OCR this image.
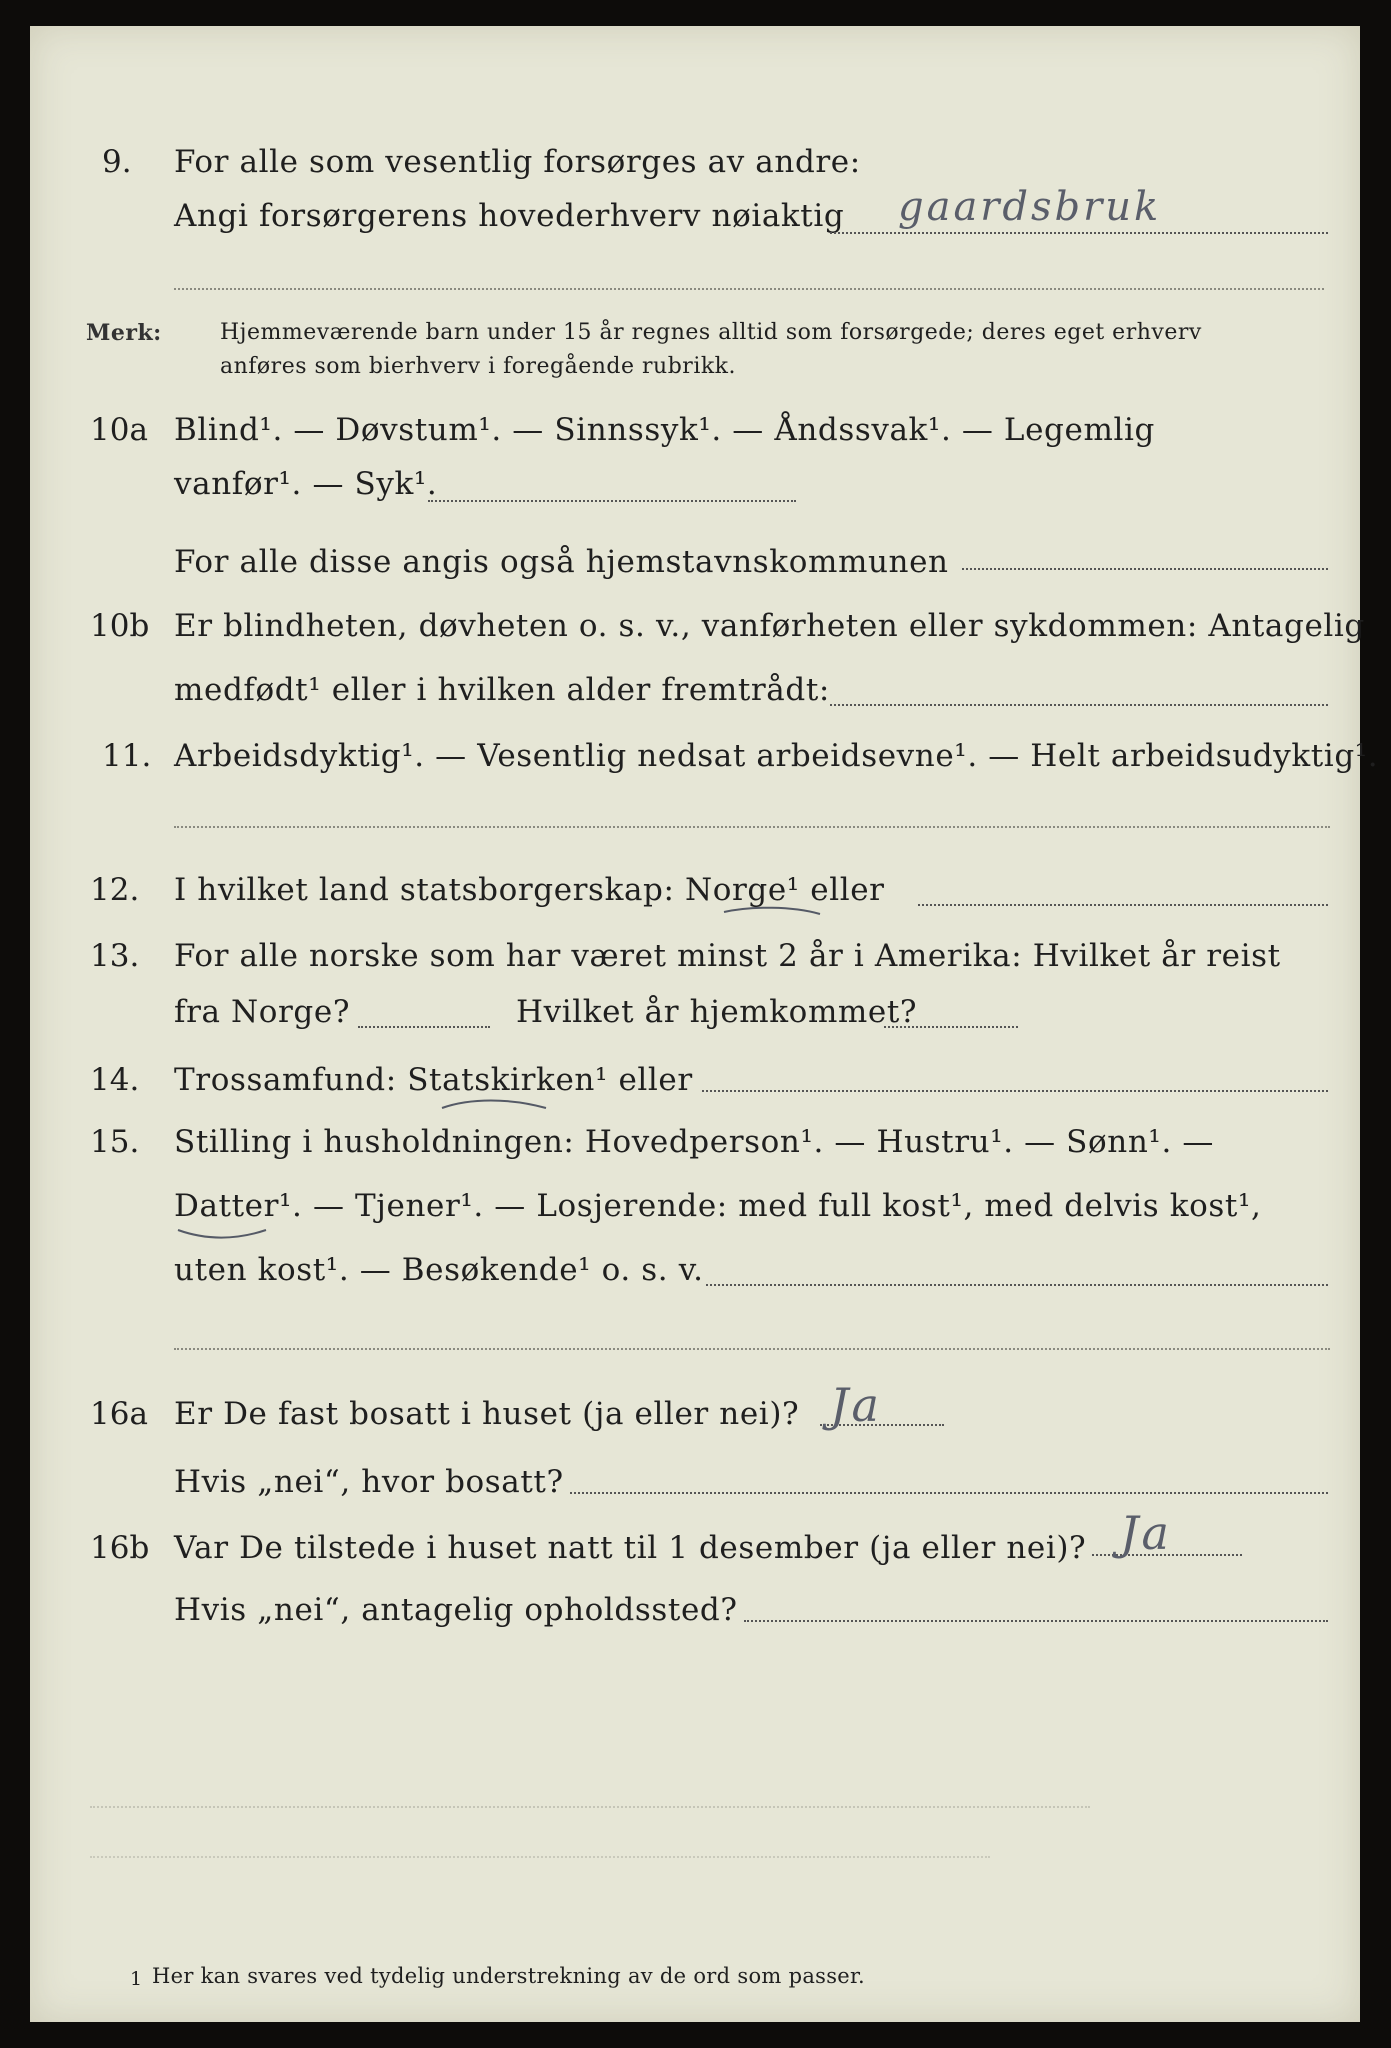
9. For alle som vesentlig forsørges av andre:
Angi forsørgerens hovederhverv nøiaktig gaardsbruk
Merk:	Hjemmeværende barn under 15 år regnes alltid som forsørgede; deres eget erhverv
anføres som bierhverv i foregående rubrikk.
10a Blind¹. — Døvstum¹. — Sinnssyk¹. — Åndssvak¹. — Legemlig
vanfør¹. — Syk¹.
For alle disse angis også hjemstavnskommunen
10b Er blindheten, døvheten o. s. v., vanførheten eller sykdommen: Antagelig
medfødt¹ eller i hvilken alder fremtrådt:
11. Arbeidsdyktig¹. — Vesentlig nedsat arbeidsevne¹. — Helt arbeidsudyktig¹.
12. I hvilket land statsborgerskap: Norge¹ eller
13. For alle norske som har været minst 2 år i Amerika: Hvilket år reist
fra Norge?	Hvilket år hjemkommet?
14. Trossamfund: Statskirken¹ eller
15. Stilling i husholdningen: Hovedperson¹. — Hustru¹. — Sønn¹. —
Datter¹. — Tjener¹. — Losjerende: med full kost¹, med delvis kost¹,
uten kost¹. — Besøkende¹ o. s. v.
16a Er De fast bosatt i huset (ja eller nei)? Ja
Hvis „nei“, hvor bosatt?
16b Var De tilstede i huset natt til 1 desember (ja eller nei)? Ja
Hvis „nei“, antagelig opholdssted?
1 Her kan svares ved tydelig understrekning av de ord som passer.
